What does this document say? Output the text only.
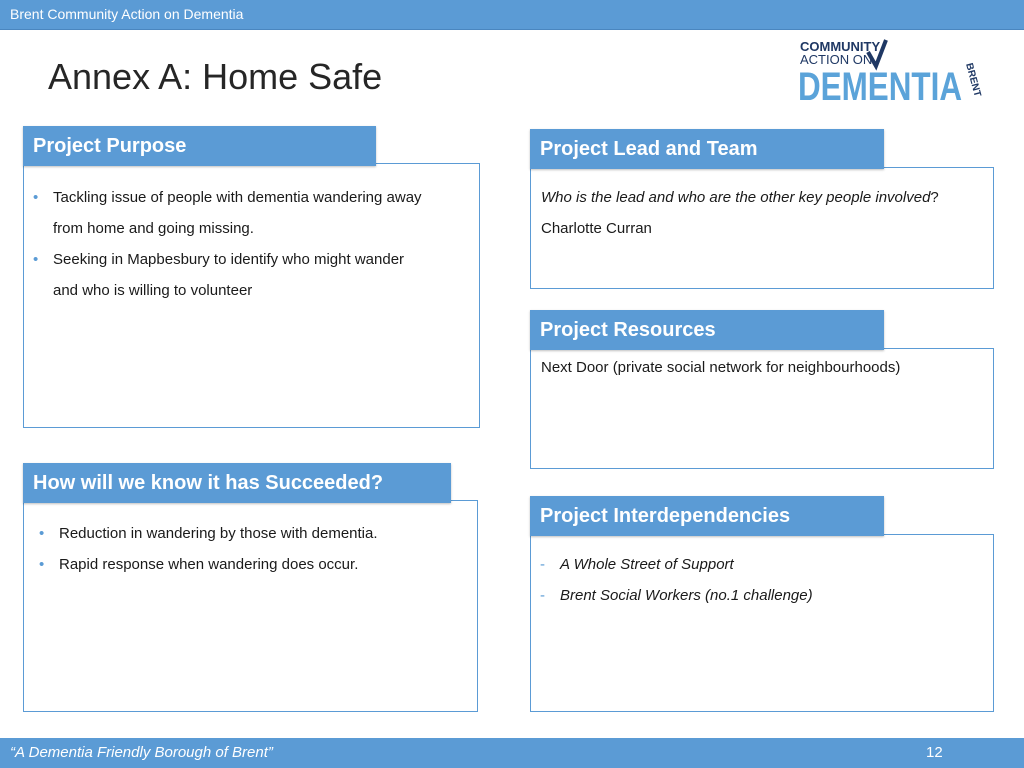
Brent Community Action on Dementia
Annex A: Home Safe
COMMUNITY
ACTION ON
DEMENTIA BRENT
Project Purpose
• Tackling issue of people with dementia wandering away
from home and going missing.
• Seeking in Mapbesbury to identify who might wander
and who is willing to volunteer
Project Lead and Team
Who is the lead and who are the other key people involved?
Charlotte Curran
Project Resources
Next Door (private social network for neighbourhoods)
How will we know it has Succeeded?
• Reduction in wandering by those with dementia.
• Rapid response when wandering does occur.
Project Interdependencies
- A Whole Street of Support
- Brent Social Workers (no.1 challenge)
“A Dementia Friendly Borough of Brent”	12
